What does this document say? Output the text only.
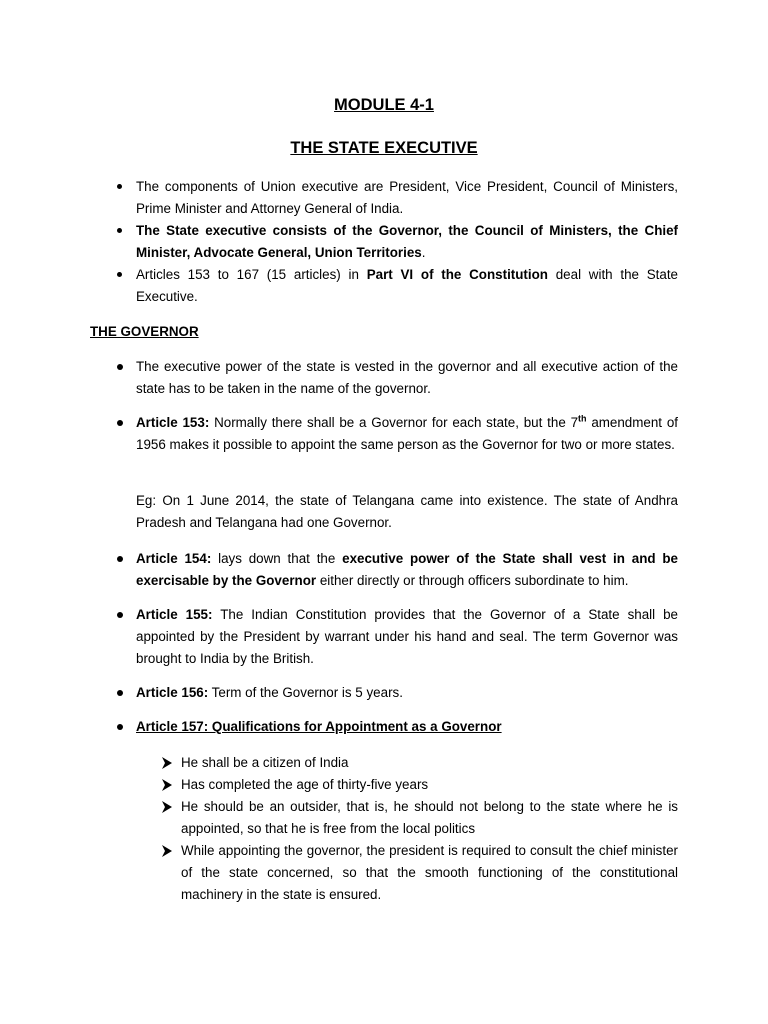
MODULE 4-1

THE STATE EXECUTIVE

The components of Union executive are President, Vice President, Council of Ministers, Prime Minister and Attorney General of India.

The State executive consists of the Governor, the Council of Ministers, the Chief Minister, Advocate General, Union Territories.

Articles 153 to 167 (15 articles) in Part VI of the Constitution deal with the State Executive.

THE GOVERNOR

The executive power of the state is vested in the governor and all executive action of the state has to be taken in the name of the governor.

Article 153: Normally there shall be a Governor for each state, but the 7th amendment of 1956 makes it possible to appoint the same person as the Governor for two or more states.

Eg: On 1 June 2014, the state of Telangana came into existence. The state of Andhra Pradesh and Telangana had one Governor.

Article 154: lays down that the executive power of the State shall vest in and be exercisable by the Governor either directly or through officers subordinate to him.

Article 155: The Indian Constitution provides that the Governor of a State shall be appointed by the President by warrant under his hand and seal. The term Governor was brought to India by the British.

Article 156: Term of the Governor is 5 years.

Article 157: Qualifications for Appointment as a Governor

He shall be a citizen of India

Has completed the age of thirty-five years

He should be an outsider, that is, he should not belong to the state where he is appointed, so that he is free from the local politics

While appointing the governor, the president is required to consult the chief minister of the state concerned, so that the smooth functioning of the constitutional machinery in the state is ensured.
